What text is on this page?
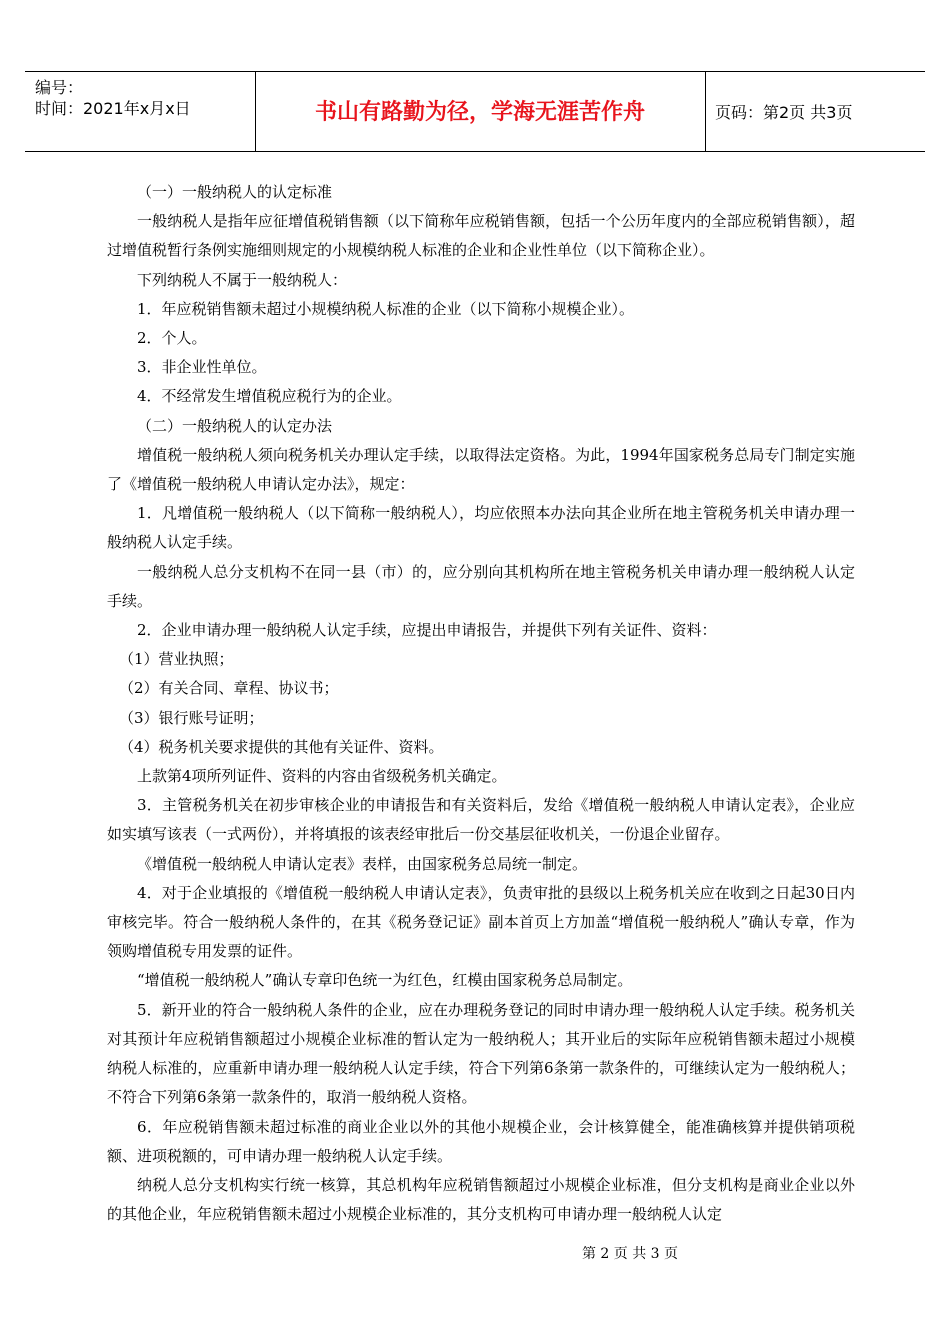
编号：
时间：2021年x月x日	书山有路勤为径，学海无涯苦作舟	页码：第2页 共3页

（一）一般纳税人的认定标准

一般纳税人是指年应征增值税销售额（以下简称年应税销售额，包括一个公历年度内的全部应税销售额），超过增值税暂行条例实施细则规定的小规模纳税人标准的企业和企业性单位（以下简称企业）。

下列纳税人不属于一般纳税人：

1．年应税销售额未超过小规模纳税人标准的企业（以下简称小规模企业）。

2．个人。

3．非企业性单位。

4．不经常发生增值税应税行为的企业。

（二）一般纳税人的认定办法

增值税一般纳税人须向税务机关办理认定手续，以取得法定资格。为此，1994年国家税务总局专门制定实施了《增值税一般纳税人申请认定办法》，规定：

1．凡增值税一般纳税人（以下简称一般纳税人），均应依照本办法向其企业所在地主管税务机关申请办理一般纳税人认定手续。

一般纳税人总分支机构不在同一县（市）的，应分别向其机构所在地主管税务机关申请办理一般纳税人认定手续。

2．企业申请办理一般纳税人认定手续，应提出申请报告，并提供下列有关证件、资料：

（1）营业执照；

（2）有关合同、章程、协议书；

（3）银行账号证明；

（4）税务机关要求提供的其他有关证件、资料。

上款第4项所列证件、资料的内容由省级税务机关确定。

3．主管税务机关在初步审核企业的申请报告和有关资料后，发给《增值税一般纳税人申请认定表》，企业应如实填写该表（一式两份），并将填报的该表经审批后一份交基层征收机关，一份退企业留存。

《增值税一般纳税人申请认定表》表样，由国家税务总局统一制定。

4．对于企业填报的《增值税一般纳税人申请认定表》，负责审批的县级以上税务机关应在收到之日起30日内审核完毕。符合一般纳税人条件的，在其《税务登记证》副本首页上方加盖“增值税一般纳税人”确认专章，作为领购增值税专用发票的证件。

“增值税一般纳税人”确认专章印色统一为红色，红模由国家税务总局制定。

5．新开业的符合一般纳税人条件的企业，应在办理税务登记的同时申请办理一般纳税人认定手续。税务机关对其预计年应税销售额超过小规模企业标准的暂认定为一般纳税人；其开业后的实际年应税销售额未超过小规模纳税人标准的，应重新申请办理一般纳税人认定手续，符合下列第6条第一款条件的，可继续认定为一般纳税人；不符合下列第6条第一款条件的，取消一般纳税人资格。

6．年应税销售额未超过标准的商业企业以外的其他小规模企业，会计核算健全，能准确核算并提供销项税额、进项税额的，可申请办理一般纳税人认定手续。

纳税人总分支机构实行统一核算，其总机构年应税销售额超过小规模企业标准，但分支机构是商业企业以外的其他企业，年应税销售额未超过小规模企业标准的，其分支机构可申请办理一般纳税人认定

第 2 页 共 3 页
